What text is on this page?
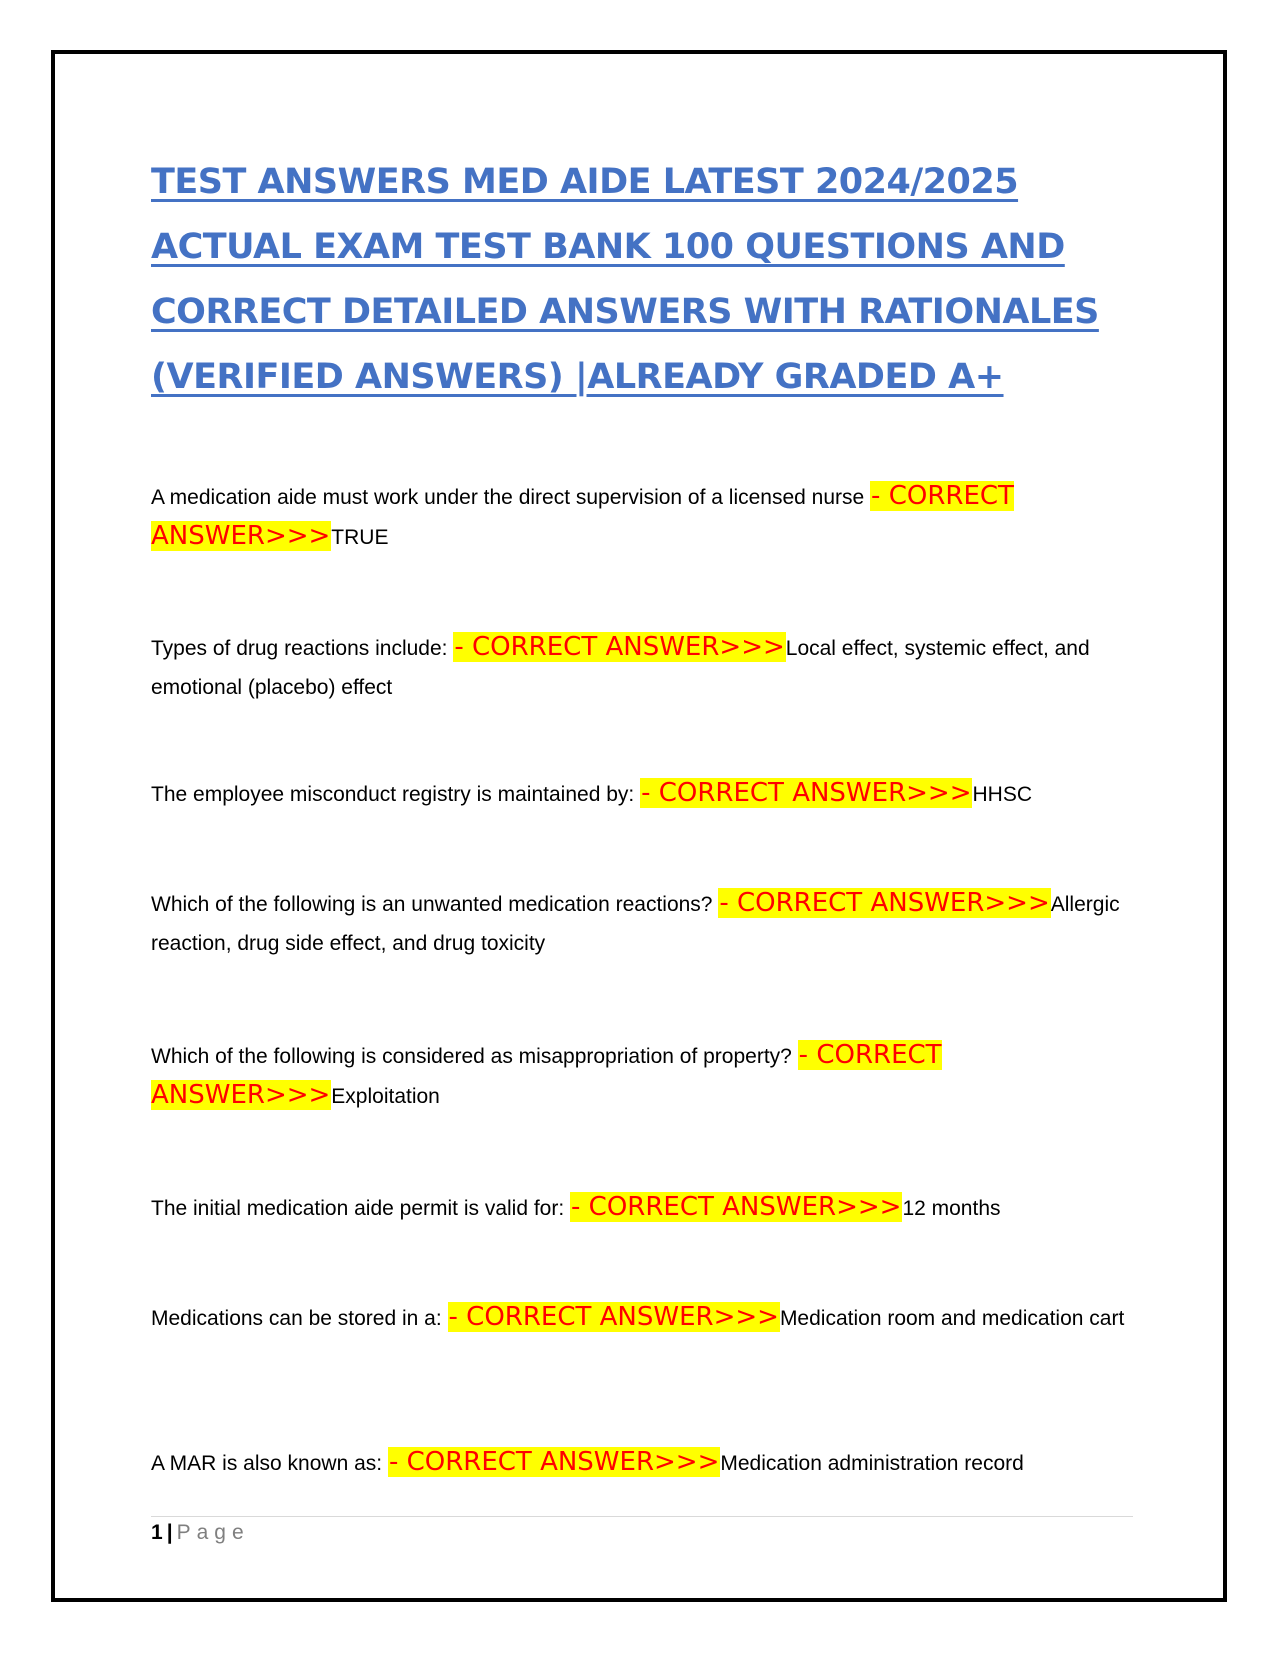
TEST ANSWERS MED AIDE LATEST 2024/2025
ACTUAL EXAM TEST BANK 100 QUESTIONS AND
CORRECT DETAILED ANSWERS WITH RATIONALES
(VERIFIED ANSWERS) |ALREADY GRADED A+
A medication aide must work under the direct supervision of a licensed nurse - CORRECT ANSWER>>>TRUE
Types of drug reactions include: - CORRECT ANSWER>>>Local effect, systemic effect, and emotional (placebo) effect
The employee misconduct registry is maintained by: - CORRECT ANSWER>>>HHSC
Which of the following is an unwanted medication reactions? - CORRECT ANSWER>>>Allergic reaction, drug side effect, and drug toxicity
Which of the following is considered as misappropriation of property? - CORRECT ANSWER>>>Exploitation
The initial medication aide permit is valid for: - CORRECT ANSWER>>>12 months
Medications can be stored in a: - CORRECT ANSWER>>>Medication room and medication cart
A MAR is also known as: - CORRECT ANSWER>>>Medication administration record
1 | Page
